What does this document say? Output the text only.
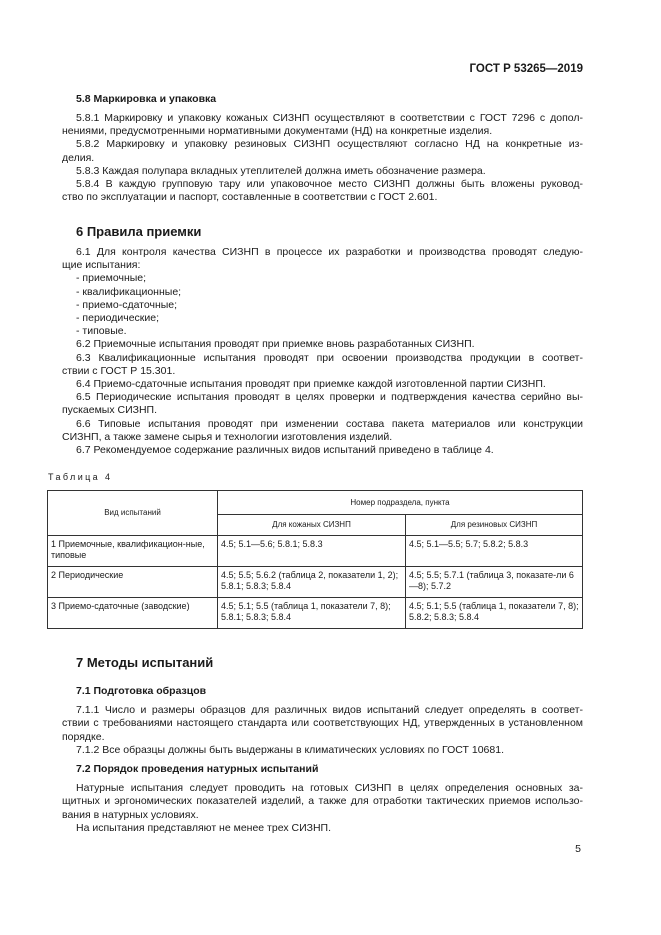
ГОСТ Р 53265—2019

5.8 Маркировка и упаковка

5.8.1 Маркировку и упаковку кожаных СИЗНП осуществляют в соответствии с ГОСТ 7296 с допол-

нениями, предусмотренными нормативными документами (НД) на конкретные изделия.

5.8.2 Маркировку и упаковку резиновых СИЗНП осуществляют согласно НД на конкретные из-

делия.

5.8.3 Каждая полупара вкладных утеплителей должна иметь обозначение размера.

5.8.4 В каждую групповую тару или упаковочное место СИЗНП должны быть вложены руковод-

ство по эксплуатации и паспорт, составленные в соответствии с ГОСТ 2.601.

6 Правила приемки

6.1 Для контроля качества СИЗНП в процессе их разработки и производства проводят следую-

щие испытания:

- приемочные;

- квалификационные;

- приемо-сдаточные;

- периодические;

- типовые.

6.2 Приемочные испытания проводят при приемке вновь разработанных СИЗНП.

6.3 Квалификационные испытания проводят при освоении производства продукции в соответ-

ствии с ГОСТ Р 15.301.

6.4 Приемо-сдаточные испытания проводят при приемке каждой изготовленной партии СИЗНП.

6.5 Периодические испытания проводят в целях проверки и подтверждения качества серийно вы-

пускаемых СИЗНП.

6.6 Типовые испытания проводят при изменении состава пакета материалов или конструкции

СИЗНП, а также замене сырья и технологии изготовления изделий.

6.7 Рекомендуемое содержание различных видов испытаний приведено в таблице 4.

Таблица 4
Вид испытаний	Номер подраздела, пункта	
	Для кожаных СИЗНП	Для резиновых СИЗНП
1 Приемочные, квалификацион-ные, типовые	4.5; 5.1—5.6; 5.8.1; 5.8.3	4.5; 5.1—5.5; 5.7; 5.8.2; 5.8.3
2 Периодические	4.5; 5.5; 5.6.2 (таблица 2, показатели 1, 2); 5.8.1; 5.8.3; 5.8.4	4.5; 5.5; 5.7.1 (таблица 3, показате-ли 6—8); 5.7.2
3 Приемо-сдаточные (заводские)	4.5; 5.1; 5.5 (таблица 1, показатели 7, 8); 5.8.1; 5.8.3; 5.8.4	4.5; 5.1; 5.5 (таблица 1, показатели 7, 8); 5.8.2; 5.8.3; 5.8.4
7 Методы испытаний

7.1 Подготовка образцов

7.1.1 Число и размеры образцов для различных видов испытаний следует определять в соответ-

ствии с требованиями настоящего стандарта или соответствующих НД, утвержденных в установленном

порядке.

7.1.2 Все образцы должны быть выдержаны в климатических условиях по ГОСТ 10681.

7.2 Порядок проведения натурных испытаний

Натурные испытания следует проводить на готовых СИЗНП в целях определения основных за-

щитных и эргономических показателей изделий, а также для отработки тактических приемов использо-

вания в натурных условиях.

На испытания представляют не менее трех СИЗНП.

5
